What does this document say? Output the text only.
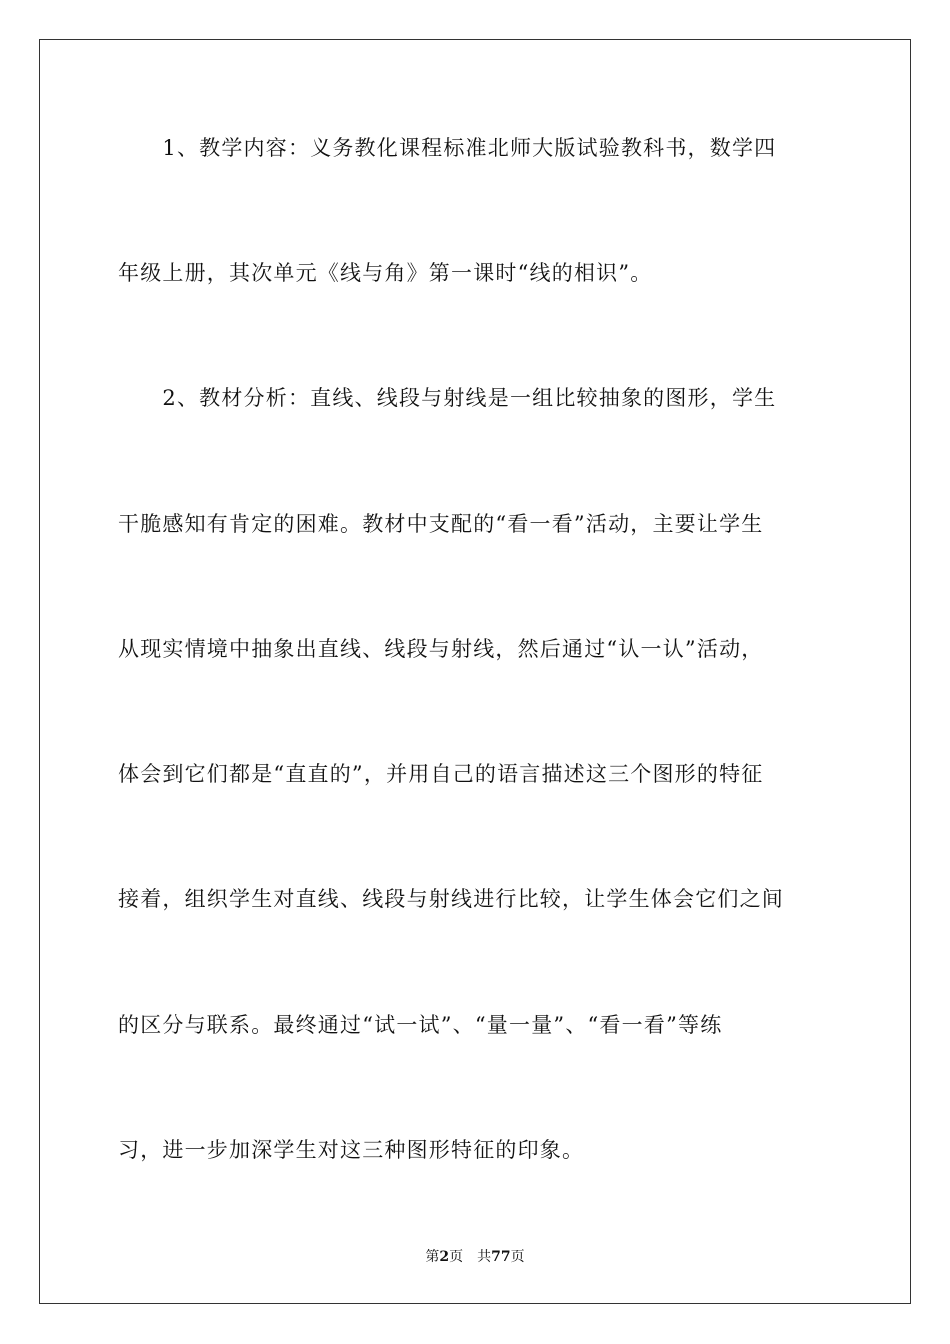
　　1、教学内容：义务教化课程标准北师大版试验教科书，数学四
年级上册，其次单元《线与角》第一课时“线的相识”。
　　2、教材分析：直线、线段与射线是一组比较抽象的图形，学生
干脆感知有肯定的困难。教材中支配的“看一看”活动，主要让学生
从现实情境中抽象出直线、线段与射线，然后通过“认一认”活动，
体会到它们都是“直直的”，并用自己的语言描述这三个图形的特征
接着，组织学生对直线、线段与射线进行比较，让学生体会它们之间
的区分与联系。最终通过“试一试”、“量一量”、“看一看”等练
习，进一步加深学生对这三种图形特征的印象。
第2页 共77页
